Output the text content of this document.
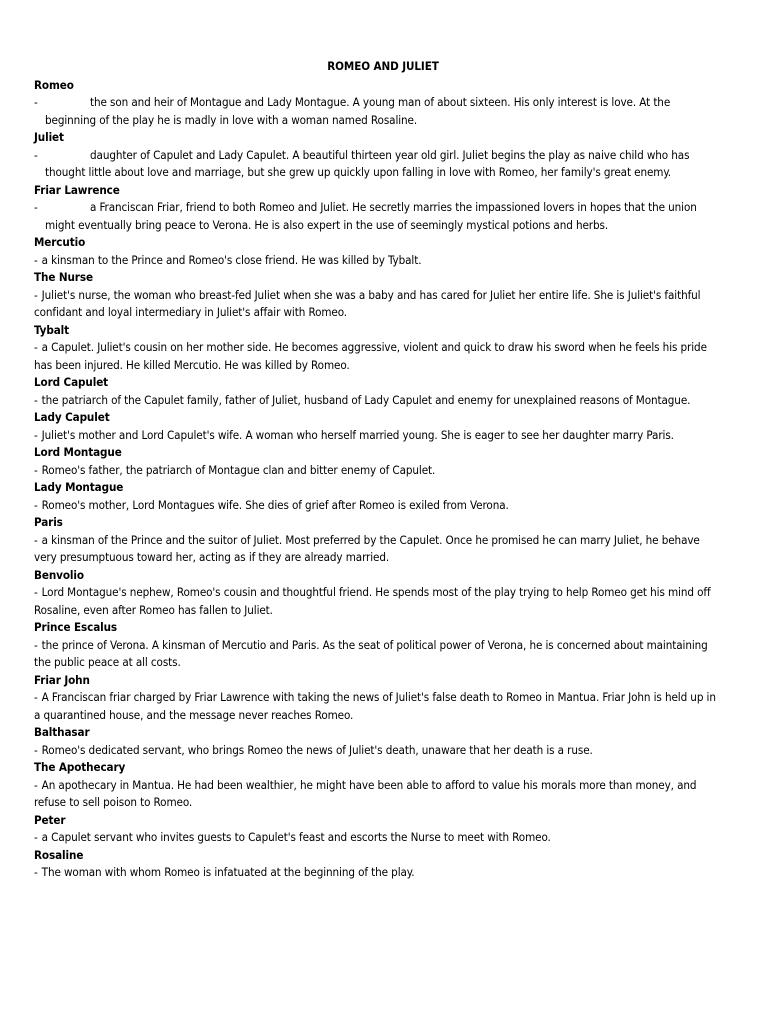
ROMEO AND JULIET
Romeo
-	the son and heir of Montague and Lady Montague. A young man of about sixteen. His only interest is love. At the beginning of the play he is madly in love with a woman named Rosaline.
Juliet
-	daughter of Capulet and Lady Capulet. A beautiful thirteen year old girl. Juliet begins the play as naive child who has thought little about love and marriage, but she grew up quickly upon falling in love with Romeo, her family's great enemy.
Friar Lawrence
-	a Franciscan Friar, friend to both Romeo and Juliet. He secretly marries the impassioned lovers in hopes that the union might eventually bring peace to Verona. He is also expert in the use of seemingly mystical potions and herbs.
Mercutio
- a kinsman to the Prince and Romeo's close friend. He was killed by Tybalt.
The Nurse
- Juliet's nurse, the woman who breast-fed Juliet when she was a baby and has cared for Juliet her entire life. She is Juliet's faithful confidant and loyal intermediary in Juliet's affair with Romeo.
Tybalt
- a Capulet. Juliet's cousin on her mother side. He becomes aggressive, violent and quick to draw his sword when he feels his pride has been injured. He killed Mercutio. He was killed by Romeo.
Lord Capulet
- the patriarch of the Capulet family, father of Juliet, husband of Lady Capulet and enemy for unexplained reasons of Montague.
Lady Capulet
- Juliet's mother and Lord Capulet's wife. A woman who herself married young. She is eager to see her daughter marry Paris.
Lord Montague
- Romeo's father, the patriarch of Montague clan and bitter enemy of Capulet.
Lady Montague
- Romeo's mother, Lord Montagues wife. She dies of grief after Romeo is exiled from Verona.
Paris
- a kinsman of the Prince and the suitor of Juliet. Most preferred by the Capulet. Once he promised he can marry Juliet, he behave very presumptuous toward her, acting as if they are already married.
Benvolio
- Lord Montague's nephew, Romeo's cousin and thoughtful friend. He spends most of the play trying to help Romeo get his mind off Rosaline, even after Romeo has fallen to Juliet.
Prince Escalus
- the prince of Verona. A kinsman of Mercutio and Paris. As the seat of political power of Verona, he is concerned about maintaining the public peace at all costs.
Friar John
- A Franciscan friar charged by Friar Lawrence with taking the news of Juliet's false death to Romeo in Mantua. Friar John is held up in a quarantined house, and the message never reaches Romeo.
Balthasar
- Romeo's dedicated servant, who brings Romeo the news of Juliet's death, unaware that her death is a ruse.
The Apothecary
- An apothecary in Mantua. He had been wealthier, he might have been able to afford to value his morals more than money, and refuse to sell poison to Romeo.
Peter
- a Capulet servant who invites guests to Capulet's feast and escorts the Nurse to meet with Romeo.
Rosaline
- The woman with whom Romeo is infatuated at the beginning of the play.
